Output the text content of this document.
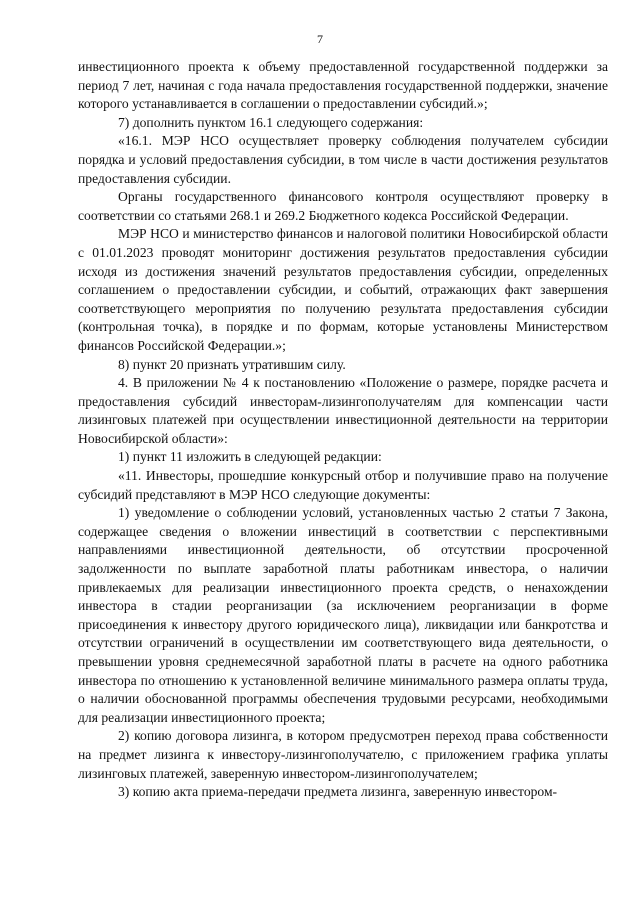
7

инвестиционного проекта к объему предоставленной государственной поддержки за период 7 лет, начиная с года начала предоставления государственной поддержки, значение которого устанавливается в соглашении о предоставлении субсидий.»;

7) дополнить пунктом 16.1 следующего содержания:

«16.1. МЭР НСО осуществляет проверку соблюдения получателем субсидии порядка и условий предоставления субсидии, в том числе в части достижения результатов предоставления субсидии.

Органы государственного финансового контроля осуществляют проверку в соответствии со статьями 268.1 и 269.2 Бюджетного кодекса Российской Федерации.

МЭР НСО и министерство финансов и налоговой политики Новосибирской области с 01.01.2023 проводят мониторинг достижения результатов предоставления субсидии исходя из достижения значений результатов предоставления субсидии, определенных соглашением о предоставлении субсидии, и событий, отражающих факт завершения соответствующего мероприятия по получению результата предоставления субсидии (контрольная точка), в порядке и по формам, которые установлены Министерством финансов Российской Федерации.»;

8) пункт 20 признать утратившим силу.

4. В приложении № 4 к постановлению «Положение о размере, порядке расчета и предоставления субсидий инвесторам-лизингополучателям для компенсации части лизинговых платежей при осуществлении инвестиционной деятельности на территории Новосибирской области»:

1) пункт 11 изложить в следующей редакции:

«11. Инвесторы, прошедшие конкурсный отбор и получившие право на получение субсидий представляют в МЭР НСО следующие документы:

1) уведомление о соблюдении условий, установленных частью 2 статьи 7 Закона, содержащее сведения о вложении инвестиций в соответствии с перспективными направлениями инвестиционной деятельности, об отсутствии просроченной задолженности по выплате заработной платы работникам инвестора, о наличии привлекаемых для реализации инвестиционного проекта средств, о ненахождении инвестора в стадии реорганизации (за исключением реорганизации в форме присоединения к инвестору другого юридического лица), ликвидации или банкротства и отсутствии ограничений в осуществлении им соответствующего вида деятельности, о превышении уровня среднемесячной заработной платы в расчете на одного работника инвестора по отношению к установленной величине минимального размера оплаты труда, о наличии обоснованной программы обеспечения трудовыми ресурсами, необходимыми для реализации инвестиционного проекта;

2) копию договора лизинга, в котором предусмотрен переход права собственности на предмет лизинга к инвестору-лизингополучателю, с приложением графика уплаты лизинговых платежей, заверенную инвестором-лизингополучателем;

3) копию акта приема-передачи предмета лизинга, заверенную инвестором-
